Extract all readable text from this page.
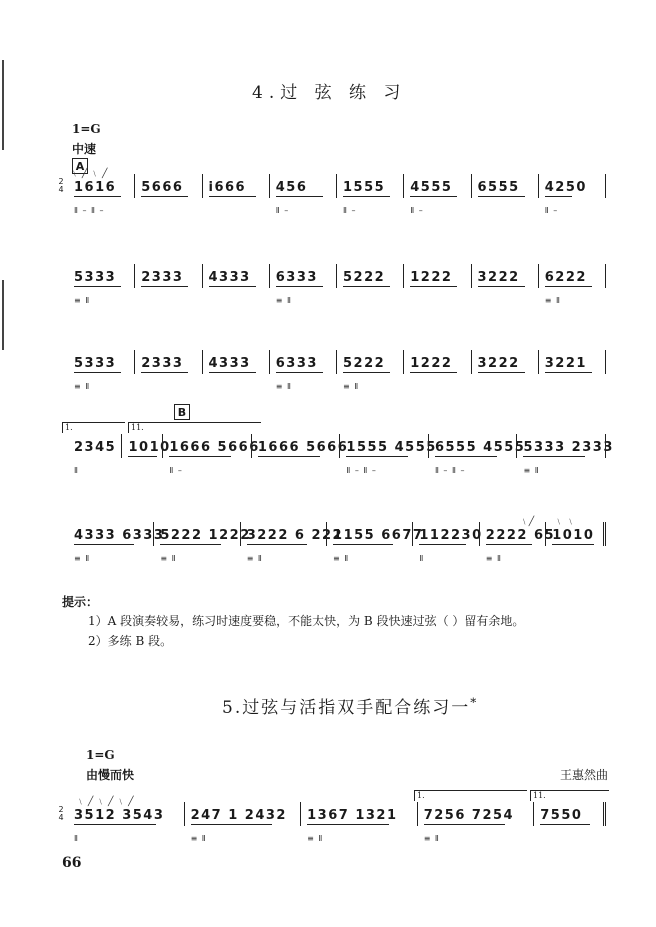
4.过 弦 练 习
1=G
中速
A
2
4
﹨ ╱ ﹨ ╱
1616
Ⅱ – Ⅱ –
5666 i666 456
Ⅱ –
1555
Ⅱ –
4555
Ⅱ –
6555 4250
Ⅱ –
5333
≡ Ⅱ
2333 4333 6333
≡ Ⅱ
5222 1222 3222 6222
≡ Ⅱ
5333
≡ Ⅱ
2333 4333 6333
≡ Ⅱ
5222
≡ Ⅱ
1222 3222 3221
B
1.	11.
2345
Ⅱ
1010
1666 5666
Ⅱ –
1666 5666
1555 4555
Ⅱ – Ⅱ –
6555 4555
Ⅱ – Ⅱ –
5333 2333
≡ Ⅱ
4333 6333
≡ Ⅱ
5222 1222
≡ Ⅱ
3222 6 222
≡ Ⅱ
1155 6677
≡ Ⅱ
112230
Ⅱ
﹨╱
2222 65
≡ Ⅱ
﹨ ﹨
1010
提示：
1）A 段演奏较易，练习时速度要稳，不能太快，为 B 段快速过弦（ ）留有余地。
2）多练 B 段。
5.过弦与活指双手配合练习一*
1=G
由慢而快	王惠然曲
1.	11.
2
4
﹨ ╱ ﹨ ╱ ﹨ ╱
3512 3543
Ⅱ
247 1 2432
≡ Ⅱ
1367 1321
≡ Ⅱ
7256 7254
≡ Ⅱ
7550
66
